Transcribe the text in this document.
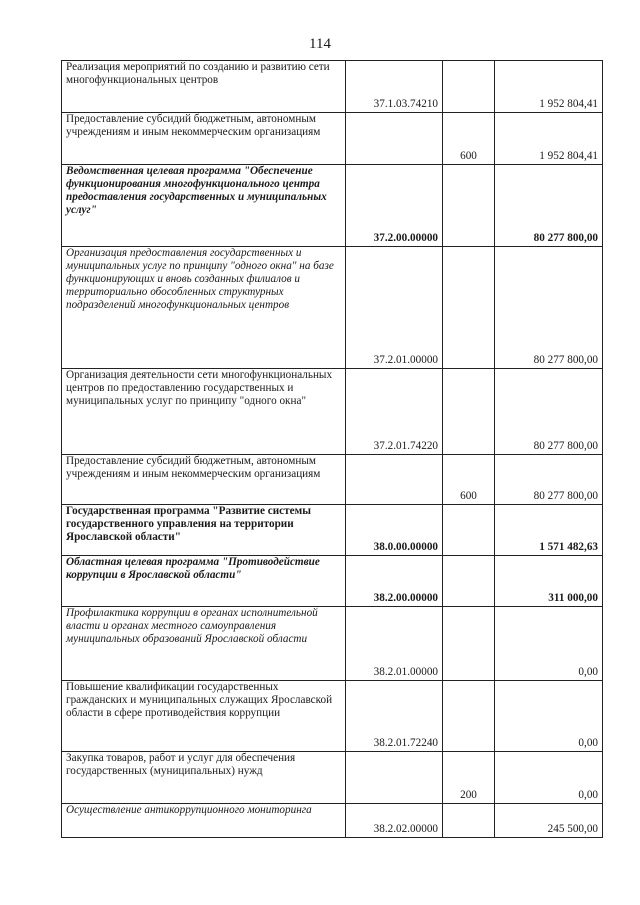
114
Реализация мероприятий по созданию и развитию сети многофункциональных центров	37.1.03.74210		1 952 804,41
Предоставление субсидий бюджетным, автономным учреждениям и иным некоммерческим организациям		600	1 952 804,41
Ведомственная целевая программа "Обеспечение функционирования многофункционального центра предоставления государственных и муниципальных услуг"	37.2.00.00000		80 277 800,00
Организация предоставления государственных и муниципальных услуг по принципу "одного окна" на базе функционирующих и вновь созданных филиалов и территориально обособленных структурных подразделений многофункциональных центров	37.2.01.00000		80 277 800,00
Организация деятельности сети многофункциональных центров по предоставлению государственных и муниципальных услуг по принципу "одного окна"	37.2.01.74220		80 277 800,00
Предоставление субсидий бюджетным, автономным учреждениям и иным некоммерческим организациям		600	80 277 800,00
Государственная программа "Развитие системы государственного управления на территории Ярославской области"	38.0.00.00000		1 571 482,63
Областная целевая программа "Противодействие коррупции в Ярославской области"	38.2.00.00000		311 000,00
Профилактика коррупции в органах исполнительной власти и органах местного самоуправления муниципальных образований Ярославской области	38.2.01.00000		0,00
Повышение квалификации государственных гражданских и муниципальных служащих Ярославской области в сфере противодействия коррупции	38.2.01.72240		0,00
Закупка товаров, работ и услуг для обеспечения государственных (муниципальных) нужд		200	0,00
Осуществление антикоррупционного мониторинга	38.2.02.00000		245 500,00
